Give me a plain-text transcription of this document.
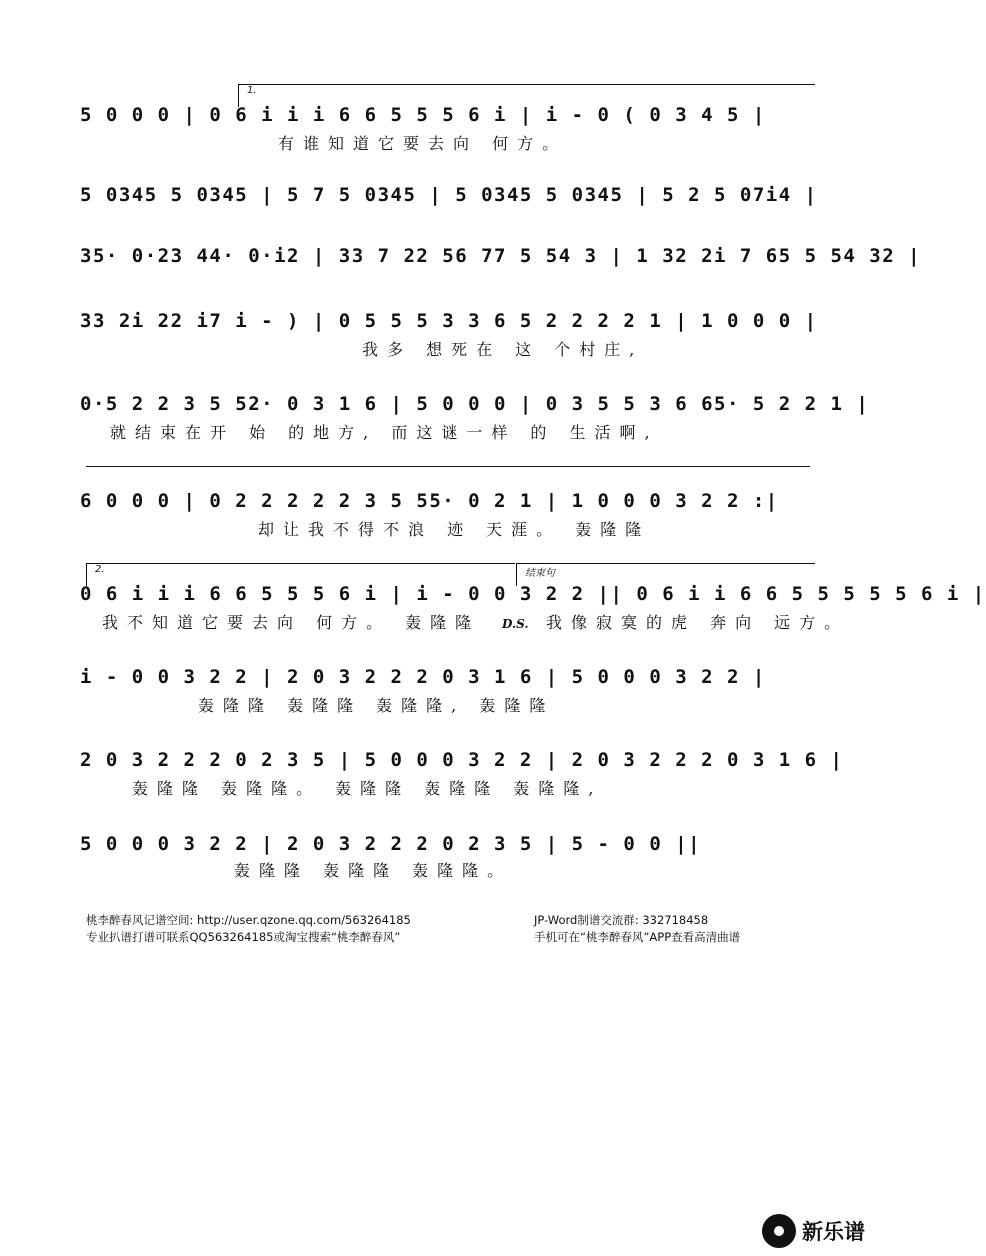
1.
5 0 0 0 | 0 6 i i i 6 6 5 5 5 6 i | i - 0 ( 0 3 4 5 |
有谁知道它要去向 何方。
5 0345 5 0345 | 5 7 5 0345 | 5 0345 5 0345 | 5 2 5 07i4 |
35· 0·23 44· 0·i2 | 33 7 22 56 77 5 54 3 | 1 32 2i 7 65 5 54 32 |
33 2i 22 i7 i - ) | 0 5 5 5 3 3 6 5 2 2 2 2 1 | 1 0 0 0 |
我多 想死在 这 个村庄,
0·5 2 2 3 5 52· 0 3 1 6 | 5 0 0 0 | 0 3 5 5 3 6 65· 5 2 2 1 |
就结束在开 始 的地方, 而这谜一样 的 生活啊,
6 0 0 0 | 0 2 2 2 2 2 3 5 55· 0 2 1 | 1 0 0 0 3 2 2 :|
却让我不得不浪 迹 天涯。 轰隆隆
2.	结束句
0 6 i i i 6 6 5 5 5 6 i | i - 0 0 3 2 2 || 0 6 i i 6 6 5 5 5 5 5 6 i |
我不知道它要去向 何方。 轰隆隆 D.S. 我像寂寞的虎 奔向 远方。
i - 0 0 3 2 2 | 2 0 3 2 2 2 0 3 1 6 | 5 0 0 0 3 2 2 |
轰隆隆 轰隆隆 轰隆隆, 轰隆隆
2 0 3 2 2 2 0 2 3 5 | 5 0 0 0 3 2 2 | 2 0 3 2 2 2 0 3 1 6 |
轰隆隆 轰隆隆。 轰隆隆 轰隆隆 轰隆隆,
5 0 0 0 3 2 2 | 2 0 3 2 2 2 0 2 3 5 | 5 - 0 0 ||
轰隆隆 轰隆隆 轰隆隆。
桃李醉春风记谱空间: http://user.qzone.qq.com/563264185
专业扒谱打谱可联系QQ563264185或淘宝搜索“桃李醉春风”
JP-Word制谱交流群: 332718458
手机可在“桃李醉春风”APP查看高清曲谱
新乐谱
